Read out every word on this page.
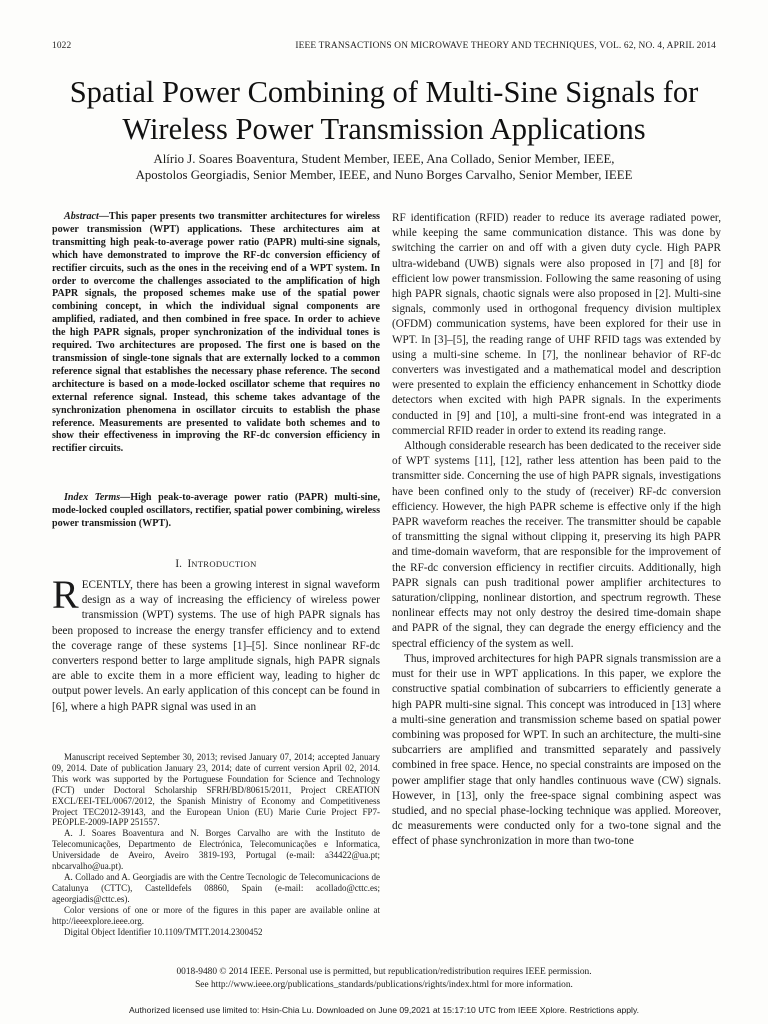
1022	IEEE TRANSACTIONS ON MICROWAVE THEORY AND TECHNIQUES, VOL. 62, NO. 4, APRIL 2014
Spatial Power Combining of Multi-Sine Signals for Wireless Power Transmission Applications
Alírio J. Soares Boaventura, Student Member, IEEE, Ana Collado, Senior Member, IEEE,
Apostolos Georgiadis, Senior Member, IEEE, and Nuno Borges Carvalho, Senior Member, IEEE

Abstract—This paper presents two transmitter architectures for wireless power transmission (WPT) applications. These architectures aim at transmitting high peak-to-average power ratio (PAPR) multi-sine signals, which have demonstrated to improve the RF-dc conversion efficiency of rectifier circuits, such as the ones in the receiving end of a WPT system. In order to overcome the challenges associated to the amplification of high PAPR signals, the proposed schemes make use of the spatial power combining concept, in which the individual signal components are amplified, radiated, and then combined in free space. In order to achieve the high PAPR signals, proper synchronization of the individual tones is required. Two architectures are proposed. The first one is based on the transmission of single-tone signals that are externally locked to a common reference signal that establishes the necessary phase reference. The second architecture is based on a mode-locked oscillator scheme that requires no external reference signal. Instead, this scheme takes advantage of the synchronization phenomena in oscillator circuits to establish the phase reference. Measurements are presented to validate both schemes and to show their effectiveness in improving the RF-dc conversion efficiency in rectifier circuits.

Index Terms—High peak-to-average power ratio (PAPR) multi-sine, mode-locked coupled oscillators, rectifier, spatial power combining, wireless power transmission (WPT).

I. INTRODUCTION
RECENTLY, there has been a growing interest in signal waveform design as a way of increasing the efficiency of wireless power transmission (WPT) systems. The use of high PAPR signals has been proposed to increase the energy transfer efficiency and to extend the coverage range of these systems [1]–[5]. Since nonlinear RF-dc converters respond better to large amplitude signals, high PAPR signals are able to excite them in a more efficient way, leading to higher dc output power levels. An early application of this concept can be found in [6], where a high PAPR signal was used in an

Manuscript received September 30, 2013; revised January 07, 2014; accepted January 09, 2014. Date of publication January 23, 2014; date of current version April 02, 2014. This work was supported by the Portuguese Foundation for Science and Technology (FCT) under Doctoral Scholarship SFRH/BD/80615/2011, Project CREATION EXCL/EEI-TEL/0067/2012, the Spanish Ministry of Economy and Competitiveness Project TEC2012-39143, and the European Union (EU) Marie Curie Project FP7-PEOPLE-2009-IAPP 251557.

A. J. Soares Boaventura and N. Borges Carvalho are with the Instituto de Telecomunicações, Departmento de Electrónica, Telecomunicações e Informatica, Universidade de Aveiro, Aveiro 3819-193, Portugal (e-mail: a34422@ua.pt; nbcarvalho@ua.pt).

A. Collado and A. Georgiadis are with the Centre Tecnologic de Telecomunicacions de Catalunya (CTTC), Castelldefels 08860, Spain (e-mail: acollado@cttc.es; ageorgiadis@cttc.es).

Color versions of one or more of the figures in this paper are available online at http://ieeexplore.ieee.org.

Digital Object Identifier 10.1109/TMTT.2014.2300452

RF identification (RFID) reader to reduce its average radiated power, while keeping the same communication distance. This was done by switching the carrier on and off with a given duty cycle. High PAPR ultra-wideband (UWB) signals were also proposed in [7] and [8] for efficient low power transmission. Following the same reasoning of using high PAPR signals, chaotic signals were also proposed in [2]. Multi-sine signals, commonly used in orthogonal frequency division multiplex (OFDM) communication systems, have been explored for their use in WPT. In [3]–[5], the reading range of UHF RFID tags was extended by using a multi-sine scheme. In [7], the nonlinear behavior of RF-dc converters was investigated and a mathematical model and description were presented to explain the efficiency enhancement in Schottky diode detectors when excited with high PAPR signals. In the experiments conducted in [9] and [10], a multi-sine front-end was integrated in a commercial RFID reader in order to extend its reading range.

Although considerable research has been dedicated to the receiver side of WPT systems [11], [12], rather less attention has been paid to the transmitter side. Concerning the use of high PAPR signals, investigations have been confined only to the study of (receiver) RF-dc conversion efficiency. However, the high PAPR scheme is effective only if the high PAPR waveform reaches the receiver. The transmitter should be capable of transmitting the signal without clipping it, preserving its high PAPR and time-domain waveform, that are responsible for the improvement of the RF-dc conversion efficiency in rectifier circuits. Additionally, high PAPR signals can push traditional power amplifier architectures to saturation/clipping, nonlinear distortion, and spectrum regrowth. These nonlinear effects may not only destroy the desired time-domain shape and PAPR of the signal, they can degrade the energy efficiency and the spectral efficiency of the system as well.

Thus, improved architectures for high PAPR signals transmission are a must for their use in WPT applications. In this paper, we explore the constructive spatial combination of subcarriers to efficiently generate a high PAPR multi-sine signal. This concept was introduced in [13] where a multi-sine generation and transmission scheme based on spatial power combining was proposed for WPT. In such an architecture, the multi-sine subcarriers are amplified and transmitted separately and passively combined in free space. Hence, no special constraints are imposed on the power amplifier stage that only handles continuous wave (CW) signals. However, in [13], only the free-space signal combining aspect was studied, and no special phase-locking technique was applied. Moreover, dc measurements were conducted only for a two-tone signal and the effect of phase synchronization in more than two-tone

0018-9480 © 2014 IEEE. Personal use is permitted, but republication/redistribution requires IEEE permission.
See http://www.ieee.org/publications_standards/publications/rights/index.html for more information.
Authorized licensed use limited to: Hsin-Chia Lu. Downloaded on June 09,2021 at 15:17:10 UTC from IEEE Xplore. Restrictions apply.
